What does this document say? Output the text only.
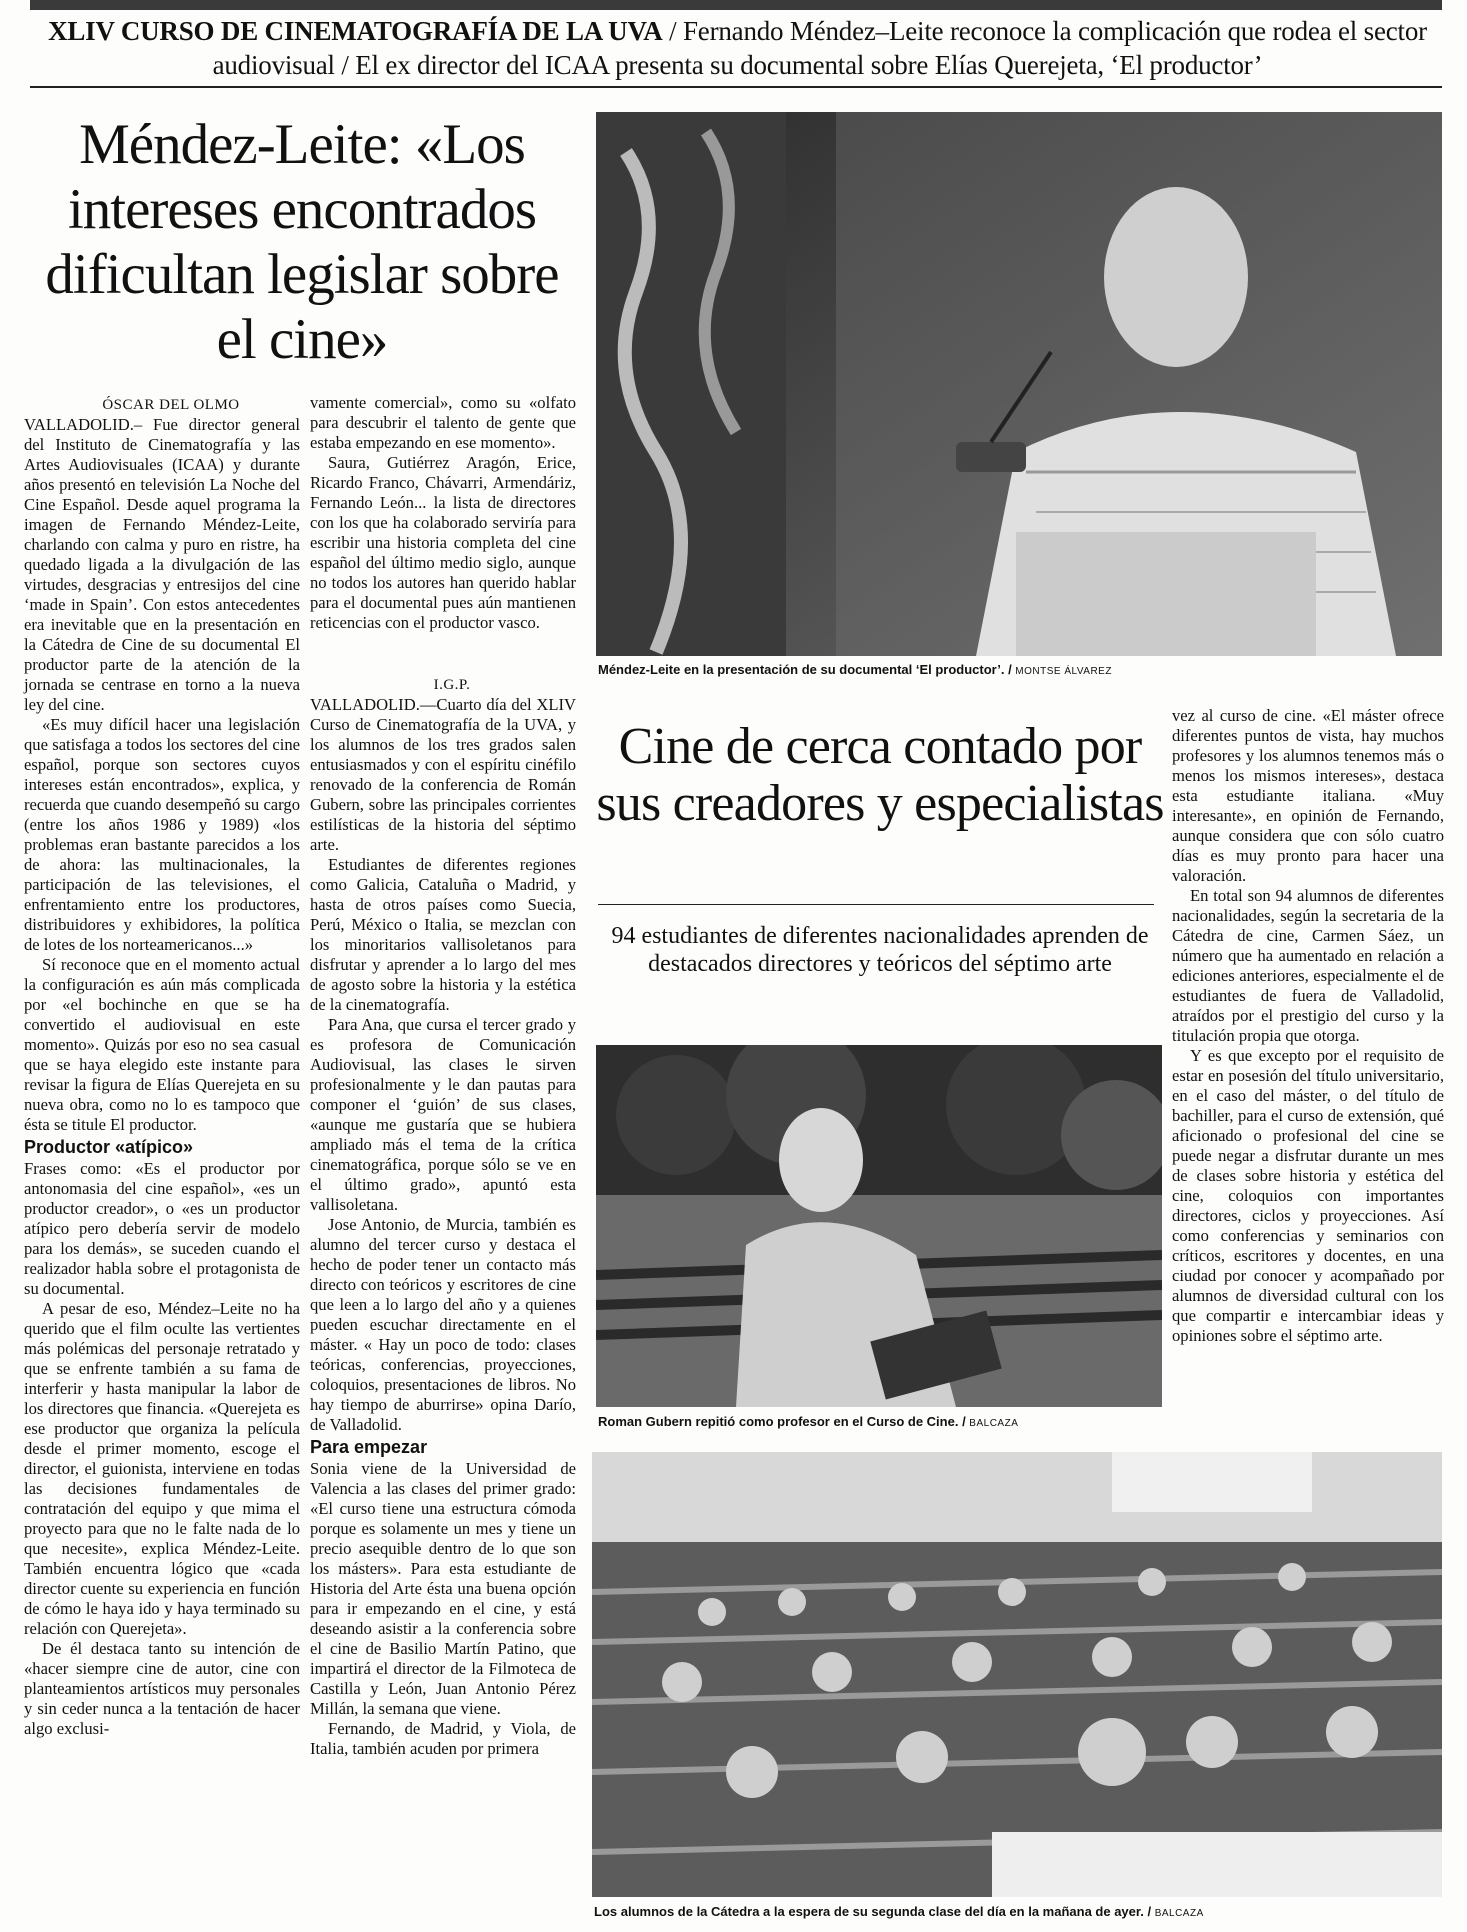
XLIV CURSO DE CINEMATOGRAFÍA DE LA UVA / Fernando Méndez–Leite reconoce la complicación que rodea el sector audiovisual / El ex director del ICAA presenta su documental sobre Elías Querejeta, ‘El productor’
Méndez-Leite: «Los intereses encontrados dificultan legislar sobre el cine»

ÓSCAR DEL OLMO

VALLADOLID.– Fue director general del Instituto de Cinematografía y las Artes Audiovisuales (ICAA) y durante años presentó en televisión La Noche del Cine Español. Desde aquel programa la imagen de Fernando Méndez-Leite, charlando con calma y puro en ristre, ha quedado ligada a la divulgación de las virtudes, desgracias y entresijos del cine ‘made in Spain’. Con estos antecedentes era inevitable que en la presentación en la Cátedra de Cine de su documental El productor parte de la atención de la jornada se centrase en torno a la nueva ley del cine.

«Es muy difícil hacer una legislación que satisfaga a todos los sectores del cine español, porque son sectores cuyos intereses están encontrados», explica, y recuerda que cuando desempeñó su cargo (entre los años 1986 y 1989) «los problemas eran bastante parecidos a los de ahora: las multinacionales, la participación de las televisiones, el enfrentamiento entre los productores, distribuidores y exhibidores, la política de lotes de los norteamericanos...»

Sí reconoce que en el momento actual la configuración es aún más complicada por «el bochinche en que se ha convertido el audiovisual en este momento». Quizás por eso no sea casual que se haya elegido este instante para revisar la figura de Elías Querejeta en su nueva obra, como no lo es tampoco que ésta se titule El productor.

Productor «atípico»

Frases como: «Es el productor por antonomasia del cine español», «es un productor creador», o «es un productor atípico pero debería servir de modelo para los demás», se suceden cuando el realizador habla sobre el protagonista de su documental.

A pesar de eso, Méndez–Leite no ha querido que el film oculte las vertientes más polémicas del personaje retratado y que se enfrente también a su fama de interferir y hasta manipular la labor de los directores que financia. «Querejeta es ese productor que organiza la película desde el primer momento, escoge el director, el guionista, interviene en todas las decisiones fundamentales de contratación del equipo y que mima el proyecto para que no le falte nada de lo que necesite», explica Méndez-Leite. También encuentra lógico que «cada director cuente su experiencia en función de cómo le haya ido y haya terminado su relación con Querejeta».

De él destaca tanto su intención de «hacer siempre cine de autor, cine con planteamientos artísticos muy personales y sin ceder nunca a la tentación de hacer algo exclusi-

vamente comercial», como su «olfato para descubrir el talento de gente que estaba empezando en ese momento».

Saura, Gutiérrez Aragón, Erice, Ricardo Franco, Chávarri, Armendáriz, Fernando León... la lista de directores con los que ha colaborado serviría para escribir una historia completa del cine español del último medio siglo, aunque no todos los autores han querido hablar para el documental pues aún mantienen reticencias con el productor vasco.

I.G.P.

VALLADOLID.—Cuarto día del XLIV Curso de Cinematografía de la UVA, y los alumnos de los tres grados salen entusiasmados y con el espíritu cinéfilo renovado de la conferencia de Román Gubern, sobre las principales corrientes estilísticas de la historia del séptimo arte.

Estudiantes de diferentes regiones como Galicia, Cataluña o Madrid, y hasta de otros países como Suecia, Perú, México o Italia, se mezclan con los minoritarios vallisoletanos para disfrutar y aprender a lo largo del mes de agosto sobre la historia y la estética de la cinematografía.

Para Ana, que cursa el tercer grado y es profesora de Comunicación Audiovisual, las clases le sirven profesionalmente y le dan pautas para componer el ‘guión’ de sus clases, «aunque me gustaría que se hubiera ampliado más el tema de la crítica cinematográfica, porque sólo se ve en el último grado», apuntó esta vallisoletana.

Jose Antonio, de Murcia, también es alumno del tercer curso y destaca el hecho de poder tener un contacto más directo con teóricos y escritores de cine que leen a lo largo del año y a quienes pueden escuchar directamente en el máster. « Hay un poco de todo: clases teóricas, conferencias, proyecciones, coloquios, presentaciones de libros. No hay tiempo de aburrirse» opina Darío, de Valladolid.

Para empezar

Sonia viene de la Universidad de Valencia a las clases del primer grado: «El curso tiene una estructura cómoda porque es solamente un mes y tiene un precio asequible dentro de lo que son los másters». Para esta estudiante de Historia del Arte ésta una buena opción para ir empezando en el cine, y está deseando asistir a la conferencia sobre el cine de Basilio Martín Patino, que impartirá el director de la Filmoteca de Castilla y León, Juan Antonio Pérez Millán, la semana que viene.

Fernando, de Madrid, y Viola, de Italia, también acuden por primera

Méndez-Leite en la presentación de su documental ‘El productor’. / MONTSE ÁLVAREZ
Cine de cerca contado por sus creadores y especialistas
94 estudiantes de diferentes nacionalidades aprenden de destacados directores y teóricos del séptimo arte
Roman Gubern repitió como profesor en el Curso de Cine. / BALCAZA

vez al curso de cine. «El máster ofrece diferentes puntos de vista, hay muchos profesores y los alumnos tenemos más o menos los mismos intereses», destaca esta estudiante italiana. «Muy interesante», en opinión de Fernando, aunque considera que con sólo cuatro días es muy pronto para hacer una valoración.

En total son 94 alumnos de diferentes nacionalidades, según la secretaria de la Cátedra de cine, Carmen Sáez, un número que ha aumentado en relación a ediciones anteriores, especialmente el de estudiantes de fuera de Valladolid, atraídos por el prestigio del curso y la titulación propia que otorga.

Y es que excepto por el requisito de estar en posesión del título universitario, en el caso del máster, o del título de bachiller, para el curso de extensión, qué aficionado o profesional del cine se puede negar a disfrutar durante un mes de clases sobre historia y estética del cine, coloquios con importantes directores, ciclos y proyecciones. Así como conferencias y seminarios con críticos, escritores y docentes, en una ciudad por conocer y acompañado por alumnos de diversidad cultural con los que compartir e intercambiar ideas y opiniones sobre el séptimo arte.

Los alumnos de la Cátedra a la espera de su segunda clase del día en la mañana de ayer. / BALCAZA
